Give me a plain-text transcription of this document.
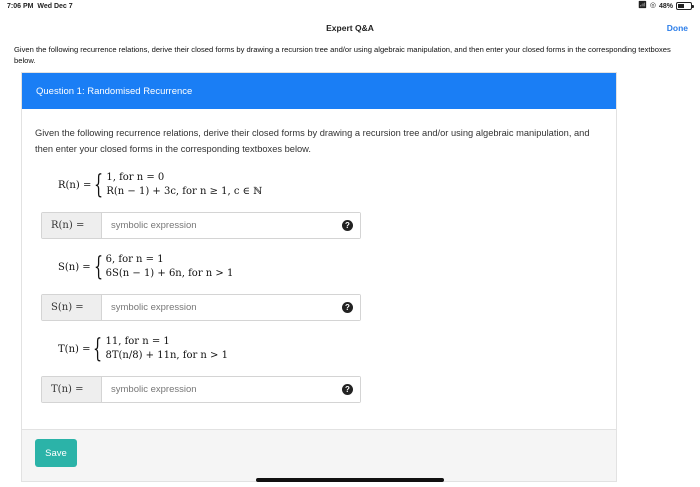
7:06 PM Wed Dec 7	📶︎ ◎ 48%
Expert Q&A	Done
Given the following recurrence relations, derive their closed forms by drawing a recursion tree and/or using algebraic manipulation, and then enter your closed forms in the corresponding textboxes below.
Question 1: Randomised Recurrence
Given the following recurrence relations, derive their closed forms by drawing a recursion tree and/or using algebraic manipulation, and then enter your closed forms in the corresponding textboxes below.
R(n) = { 1, for n = 0
R(n − 1) + 3c, for n ≥ 1, c ∈ ℕ
R(n) =
symbolic expression	?
S(n) = { 6, for n = 1
6S(n − 1) + 6n, for n > 1
S(n) =
symbolic expression	?
T(n) = { 11, for n = 1
8T(n/8) + 11n, for n > 1
T(n) =
symbolic expression	?
Save
